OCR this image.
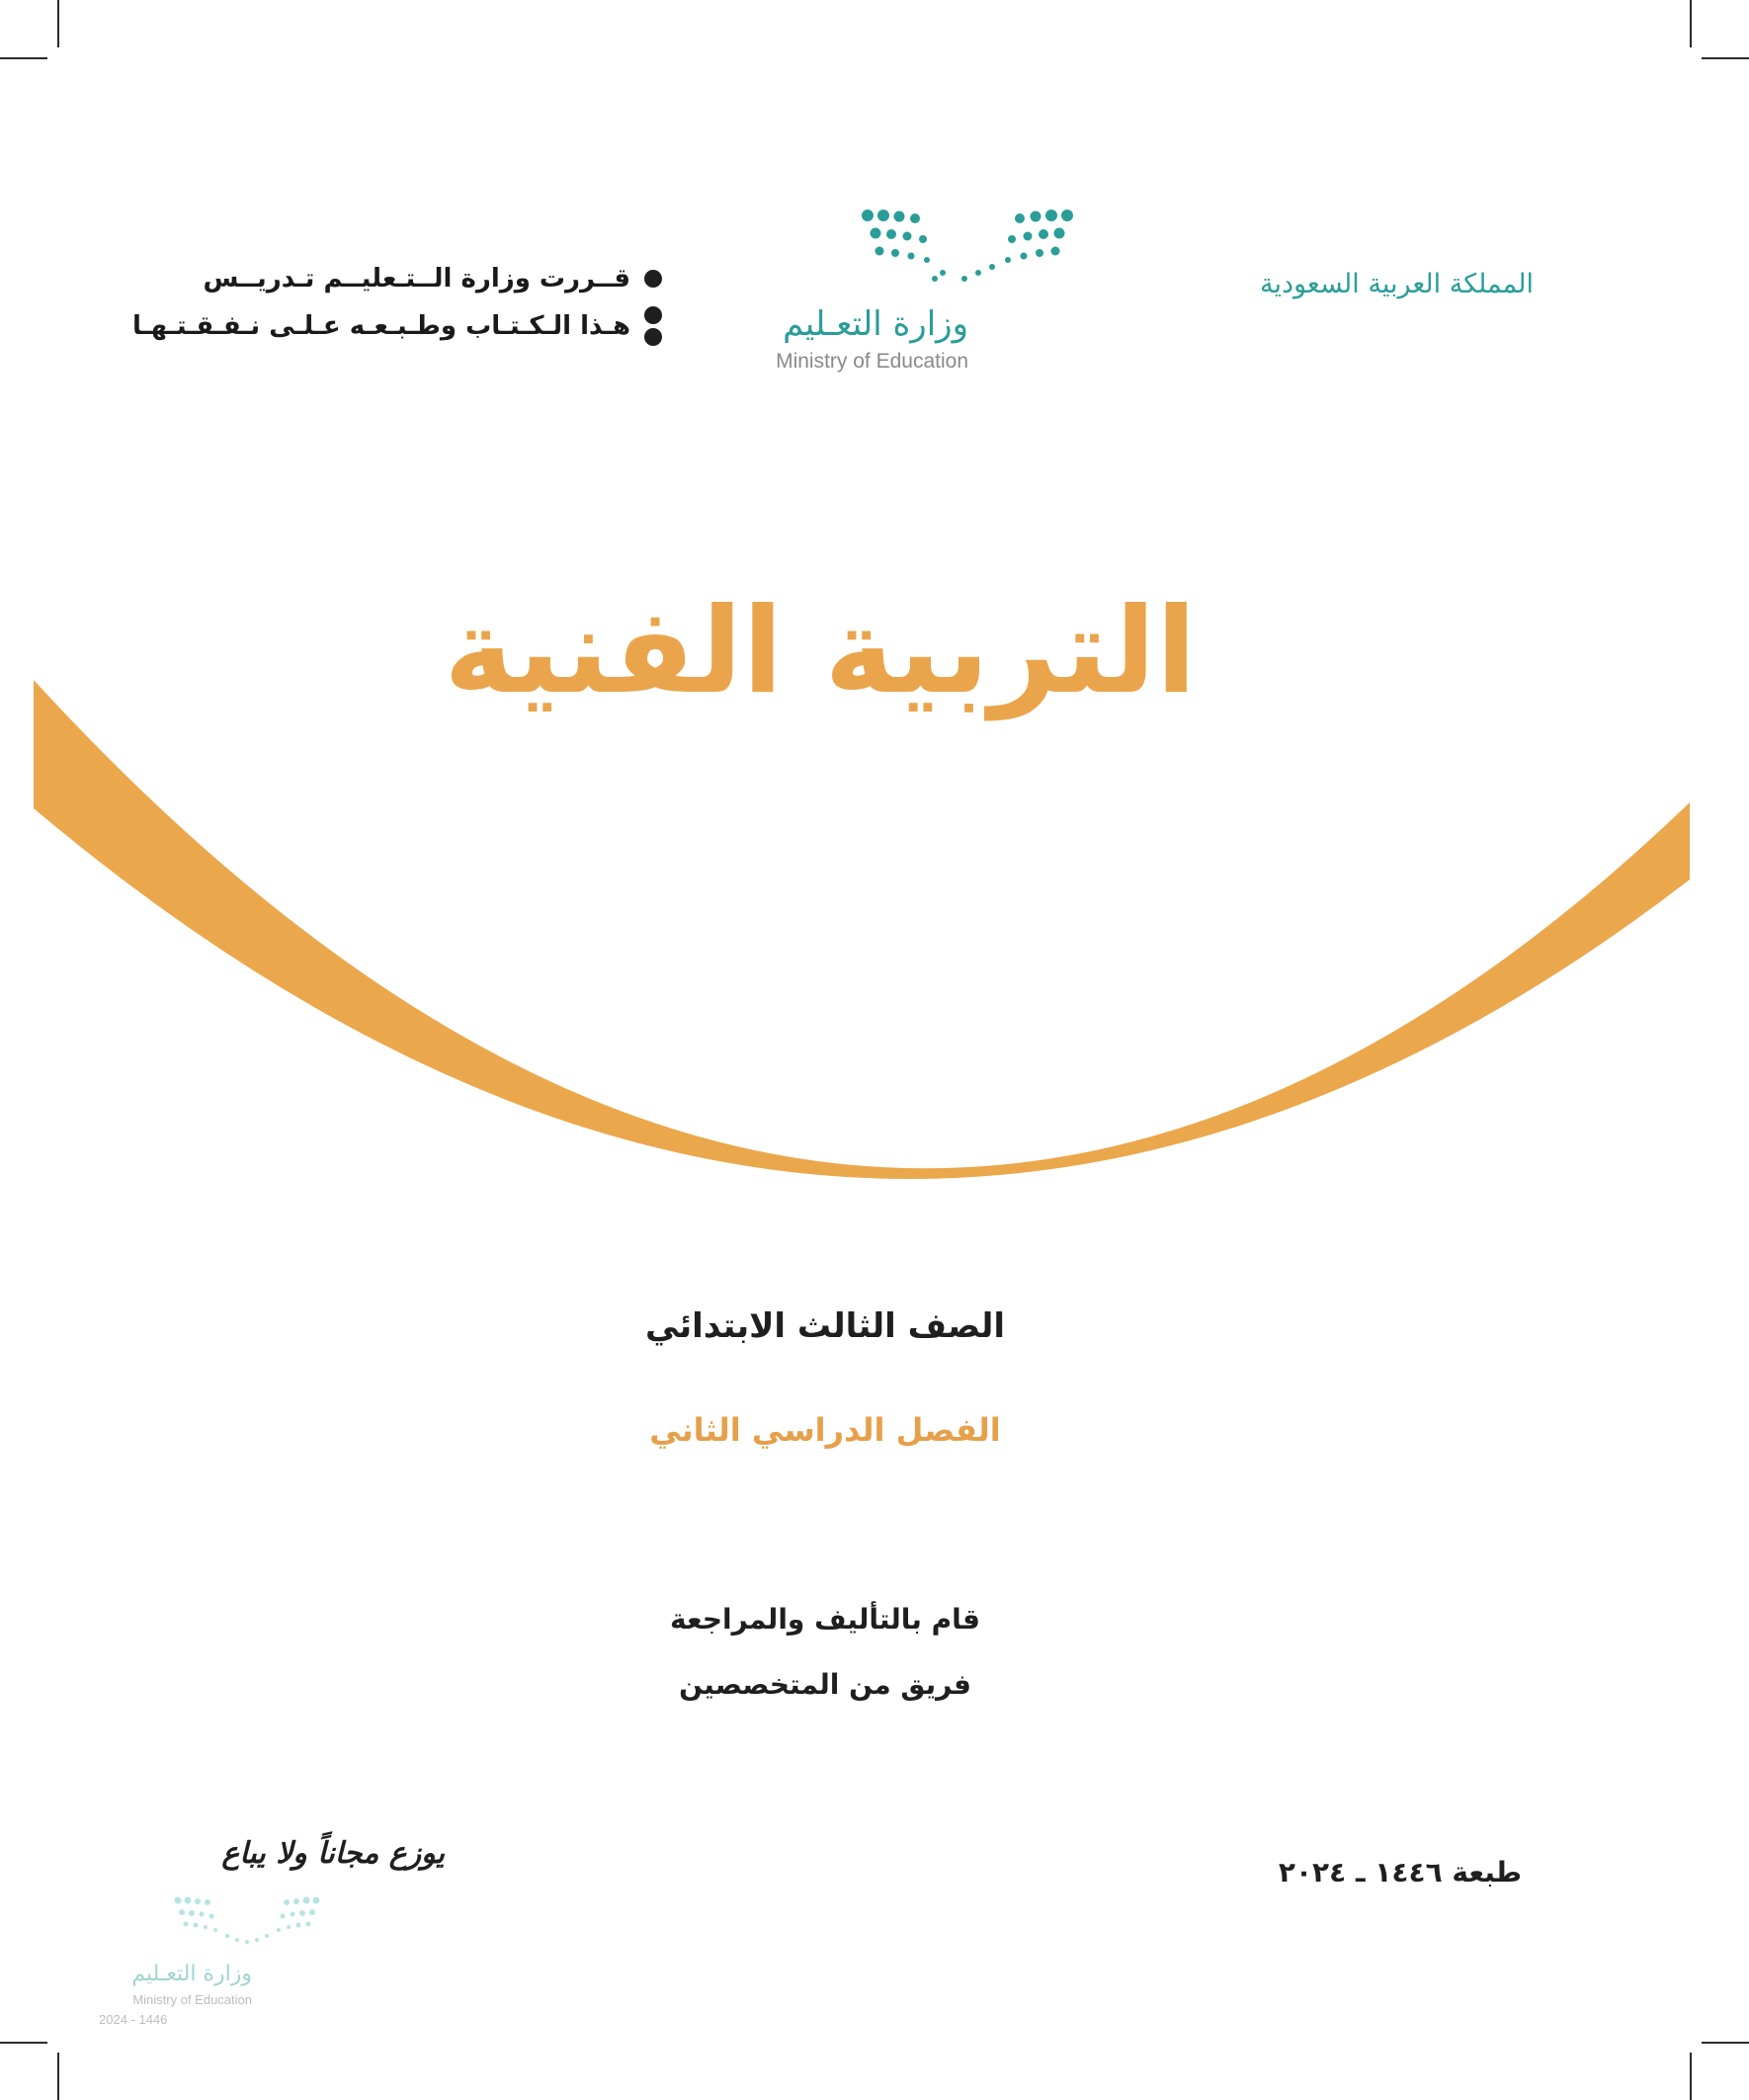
المملكة العربية السعودية
وزارة التعـليم
Ministry of Education
قــررت وزارة الــتـعليــم تـدريــس
هـذا الـكـتـاب وطـبـعـه عـلـى نـفـقـتـهـا
التربية الفنية
الصف الثالث الابتدائي
الفصل الدراسي الثاني
قام بالتأليف والمراجعة
فريق من المتخصصين
يوزع مجاناً ولا يباع
طبعة ١٤٤٦ ـ ٢٠٢٤
وزارة التعـليم
Ministry of Education
2024 - 1446
